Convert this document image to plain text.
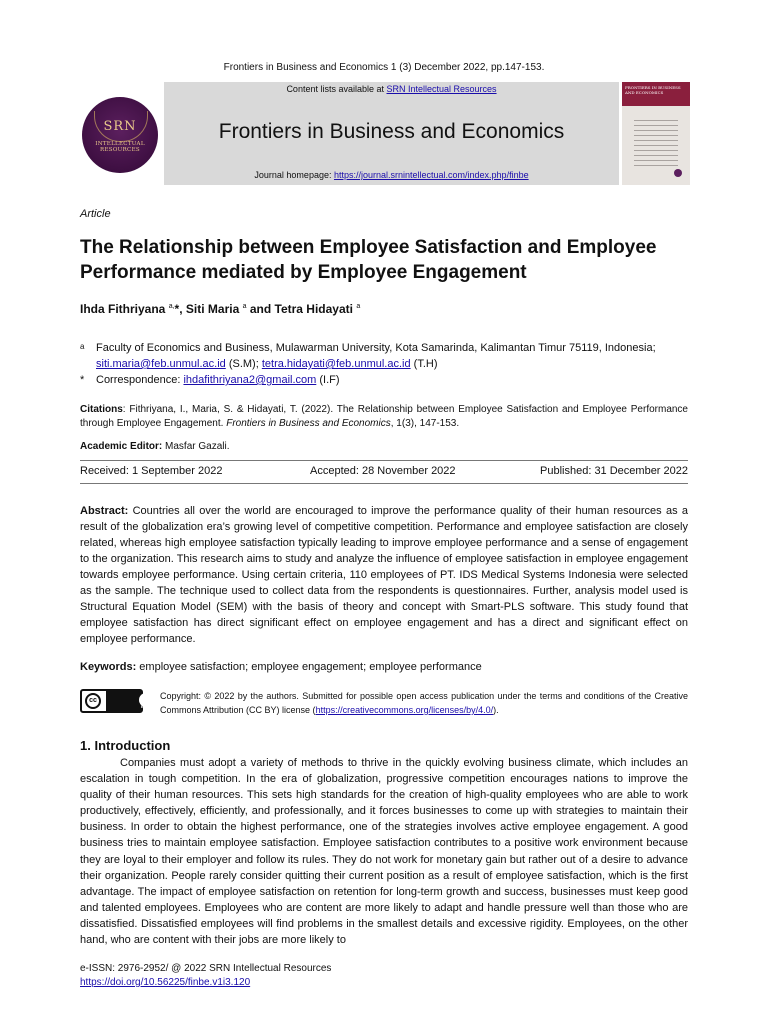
Frontiers in Business and Economics 1 (3) December 2022, pp.147-153.
SRN
INTELLECTUAL RESOURCES
Content lists available at SRN Intellectual Resources
Frontiers in Business and Economics
Journal homepage: https://journal.srnintellectual.com/index.php/finbe
FRONTIERS IN BUSINESS AND ECONOMICS
Article
The Relationship between Employee Satisfaction and Employee Performance mediated by Employee Engagement
Ihda Fithriyana $^{a,}$*, Siti Maria $^a$ and Tetra Hidayati $^a$
a Faculty of Economics and Business, Mulawarman University, Kota Samarinda, Kalimantan Timur 75119, Indonesia;
siti.maria@feb.unmul.ac.id (S.M); tetra.hidayati@feb.unmul.ac.id (T.H)
* Correspondence: ihdafithriyana2@gmail.com (I.F)
Citations: Fithriyana, I., Maria, S. & Hidayati, T. (2022). The Relationship between Employee Satisfaction and Employee Performance through Employee Engagement. Frontiers in Business and Economics, 1(3), 147-153.
Academic Editor: Masfar Gazali.
Received: 1 September 2022	Accepted: 28 November 2022	Published: 31 December 2022
Abstract: Countries all over the world are encouraged to improve the performance quality of their human resources as a result of the globalization era’s growing level of competitive competition. Performance and employee satisfaction are closely related, whereas high employee satisfaction typically leading to improve employee performance and a sense of engagement to the organization. This research aims to study and analyze the influence of employee satisfaction in employee engagement towards employee performance. Using certain criteria, 110 employees of PT. IDS Medical Systems Indonesia were selected as the sample. The technique used to collect data from the respondents is questionnaires. Further, analysis model used is Structural Equation Model (SEM) with the basis of theory and concept with Smart-PLS software. This study found that employee satisfaction has direct significant effect on employee engagement and has a direct and significant effect on employee performance.
Keywords: employee satisfaction; employee engagement; employee performance
cc
BY
Copyright: © 2022 by the authors. Submitted for possible open access publication under the terms and conditions of the Creative Commons Attribution (CC BY) license (https://creativecommons.org/licenses/by/4.0/).
1. Introduction
Companies must adopt a variety of methods to thrive in the quickly evolving business climate, which includes an escalation in tough competition. In the era of globalization, progressive competition encourages nations to improve the quality of their human resources. This sets high standards for the creation of high-quality employees who are able to work productively, effectively, efficiently, and professionally, and it forces businesses to come up with strategies to maintain their business. In order to obtain the highest performance, one of the strategies involves active employee engagement. A good business tries to maintain employee satisfaction. Employee satisfaction contributes to a positive work environment because they are loyal to their employer and follow its rules. They do not work for monetary gain but rather out of a desire to advance their organization. People rarely consider quitting their current position as a result of employee satisfaction, which is the first advantage. The impact of employee satisfaction on retention for long-term growth and success, businesses must keep good and talented employees. Employees who are content are more likely to adapt and handle pressure well than those who are dissatisfied. Dissatisfied employees will find problems in the smallest details and excessive rigidity. Employees, on the other hand, who are content with their jobs are more likely to
e-ISSN: 2976-2952/ @ 2022 SRN Intellectual Resources
https://doi.org/10.56225/finbe.v1i3.120
